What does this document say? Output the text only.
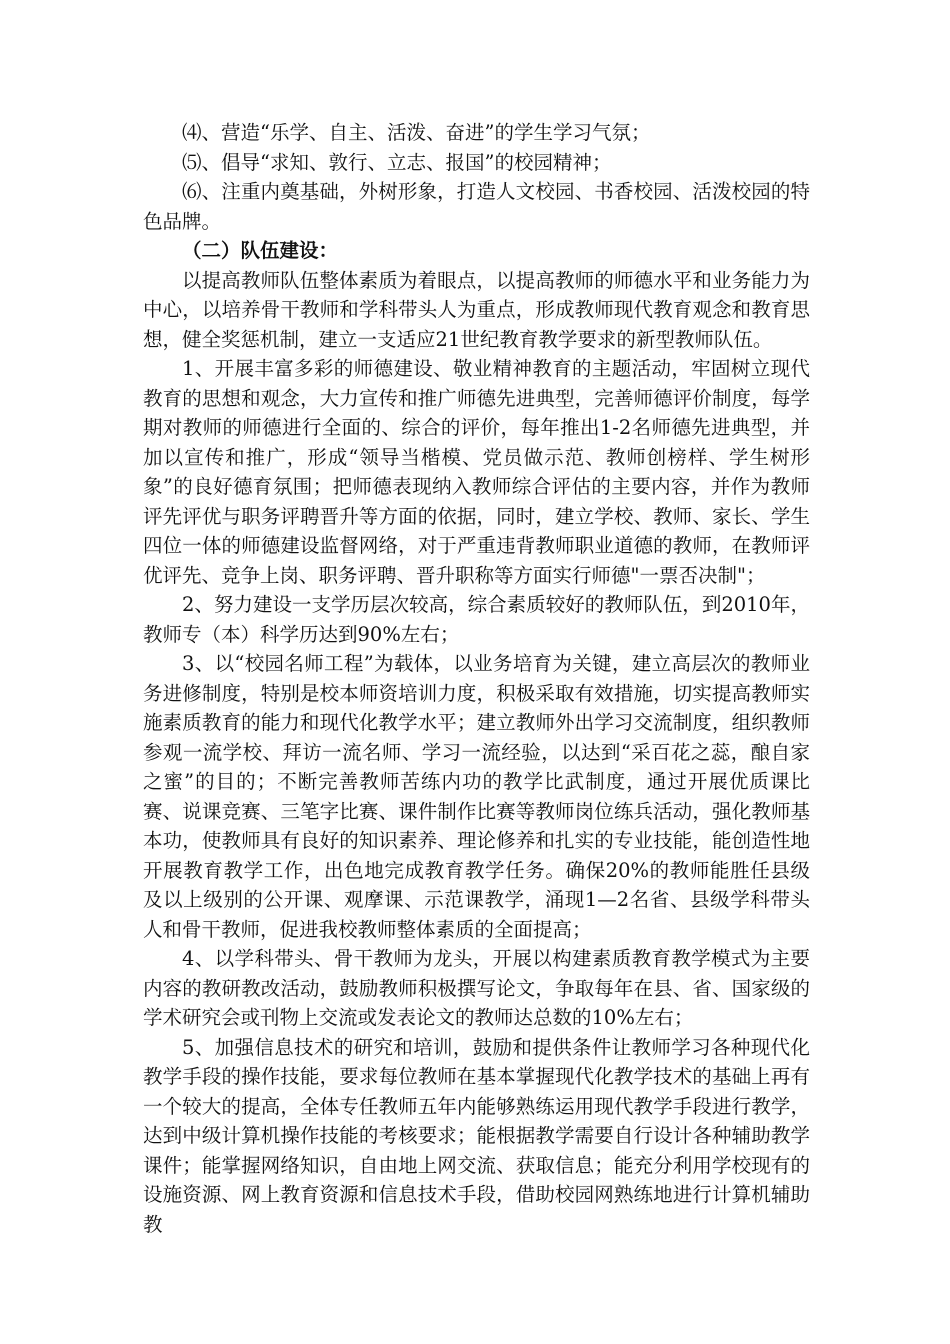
⑷、营造“乐学、自主、活泼、奋进”的学生学习气氛；

⑸、倡导“求知、敦行、立志、报国”的校园精神；

⑹、注重内奠基础，外树形象，打造人文校园、书香校园、活泼校园的特色品牌。

（二）队伍建设：

以提高教师队伍整体素质为着眼点，以提高教师的师德水平和业务能力为中心，以培养骨干教师和学科带头人为重点，形成教师现代教育观念和教育思想，健全奖惩机制，建立一支适应21世纪教育教学要求的新型教师队伍。

1、开展丰富多彩的师德建设、敬业精神教育的主题活动，牢固树立现代教育的思想和观念，大力宣传和推广师德先进典型，完善师德评价制度，每学期对教师的师德进行全面的、综合的评价，每年推出1-2名师德先进典型，并加以宣传和推广，形成“领导当楷模、党员做示范、教师创榜样、学生树形象”的良好德育氛围；把师德表现纳入教师综合评估的主要内容，并作为教师评先评优与职务评聘晋升等方面的依据，同时，建立学校、教师、家长、学生四位一体的师德建设监督网络，对于严重违背教师职业道德的教师，在教师评优评先、竞争上岗、职务评聘、晋升职称等方面实行师德"一票否决制"；

2、努力建设一支学历层次较高，综合素质较好的教师队伍，到2010年，教师专（本）科学历达到90%左右；

3、以“校园名师工程”为载体，以业务培育为关键，建立高层次的教师业务进修制度，特别是校本师资培训力度，积极采取有效措施，切实提高教师实施素质教育的能力和现代化教学水平；建立教师外出学习交流制度，组织教师参观一流学校、拜访一流名师、学习一流经验，以达到“采百花之蕊，酿自家之蜜”的目的；不断完善教师苦练内功的教学比武制度，通过开展优质课比赛、说课竞赛、三笔字比赛、课件制作比赛等教师岗位练兵活动，强化教师基本功，使教师具有良好的知识素养、理论修养和扎实的专业技能，能创造性地开展教育教学工作，出色地完成教育教学任务。确保20%的教师能胜任县级及以上级别的公开课、观摩课、示范课教学，涌现1—2名省、县级学科带头人和骨干教师，促进我校教师整体素质的全面提高；

4、以学科带头、骨干教师为龙头，开展以构建素质教育教学模式为主要内容的教研教改活动，鼓励教师积极撰写论文，争取每年在县、省、国家级的学术研究会或刊物上交流或发表论文的教师达总数的10%左右；

5、加强信息技术的研究和培训，鼓励和提供条件让教师学习各种现代化教学手段的操作技能，要求每位教师在基本掌握现代化教学技术的基础上再有一个较大的提高，全体专任教师五年内能够熟练运用现代教学手段进行教学，达到中级计算机操作技能的考核要求；能根据教学需要自行设计各种辅助教学课件；能掌握网络知识，自由地上网交流、获取信息；能充分利用学校现有的设施资源、网上教育资源和信息技术手段，借助校园网熟练地进行计算机辅助教
